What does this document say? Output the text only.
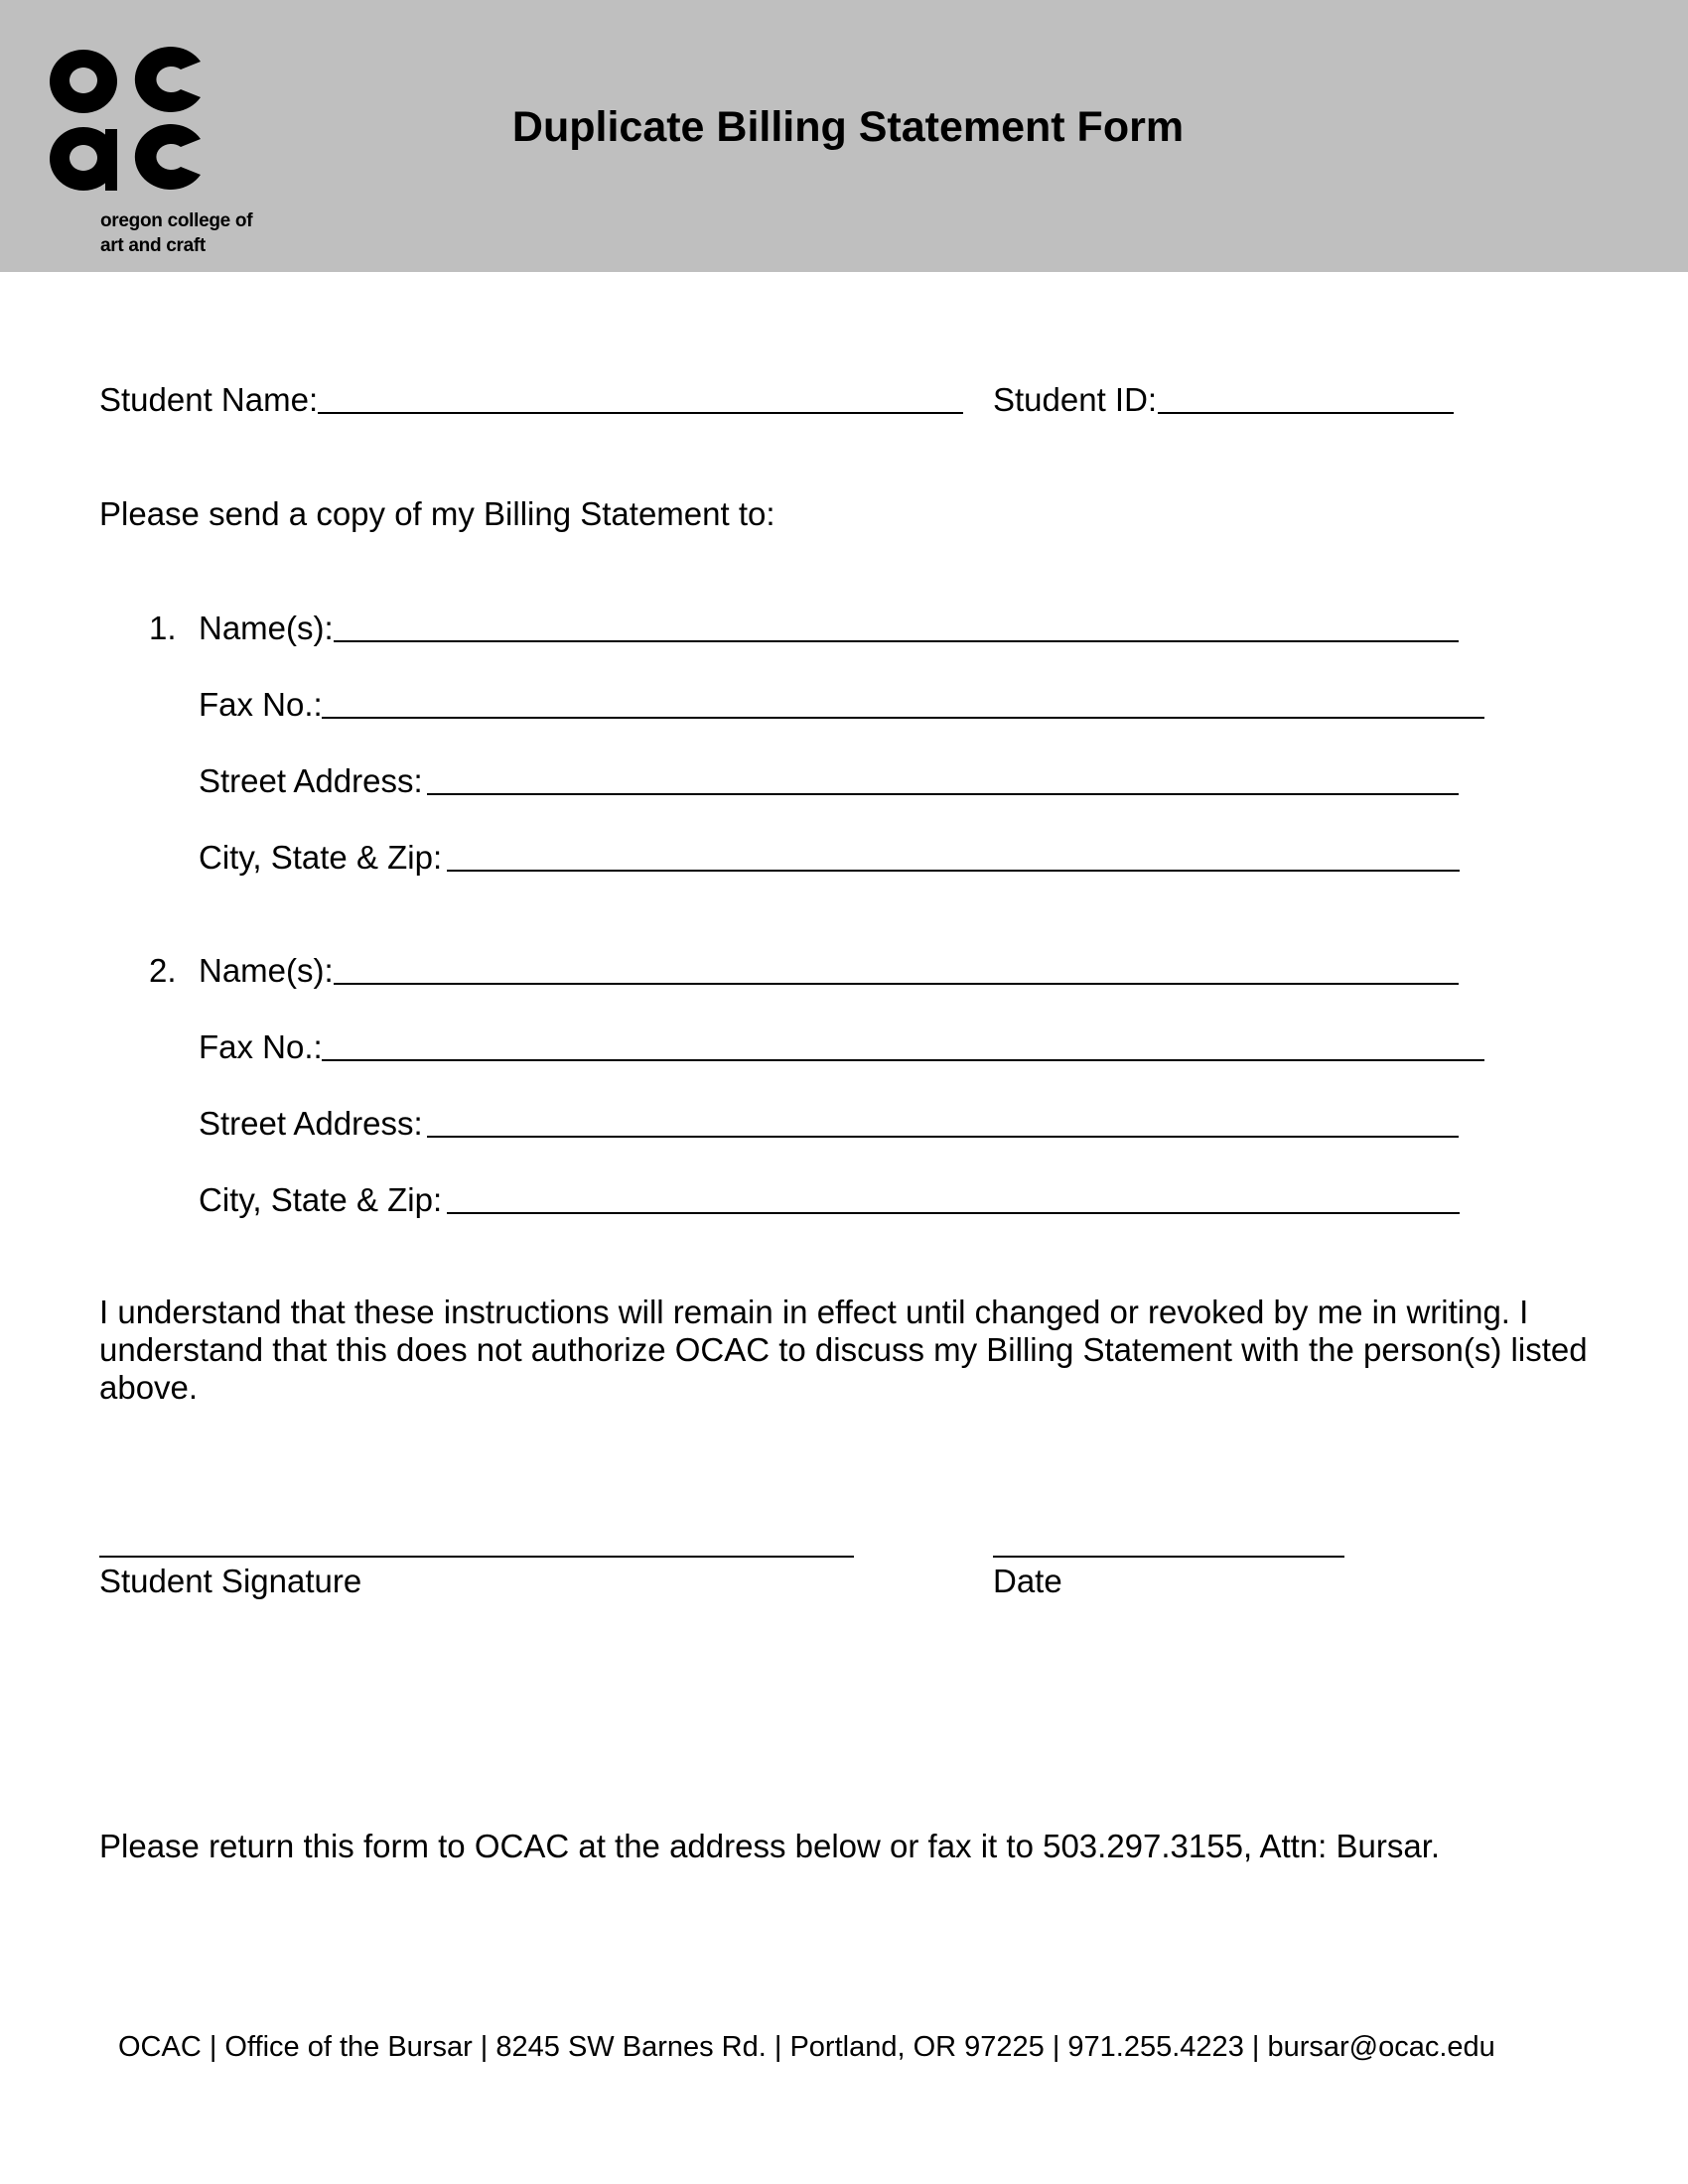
oregon college of
art and craft
Duplicate Billing Statement Form
Student Name:	Student ID:
Please send a copy of my Billing Statement to:
1. Name(s):
Fax No.:
Street Address:
City, State & Zip:
2. Name(s):
Fax No.:
Street Address:
City, State & Zip:
I understand that these instructions will remain in effect until changed or revoked by me in writing. I understand that this does not authorize OCAC to discuss my Billing Statement with the person(s) listed above.
Student Signature	Date
Please return this form to OCAC at the address below or fax it to 503.297.3155, Attn: Bursar.
OCAC | Office of the Bursar | 8245 SW Barnes Rd. | Portland, OR 97225 | 971.255.4223 | bursar@ocac.edu
